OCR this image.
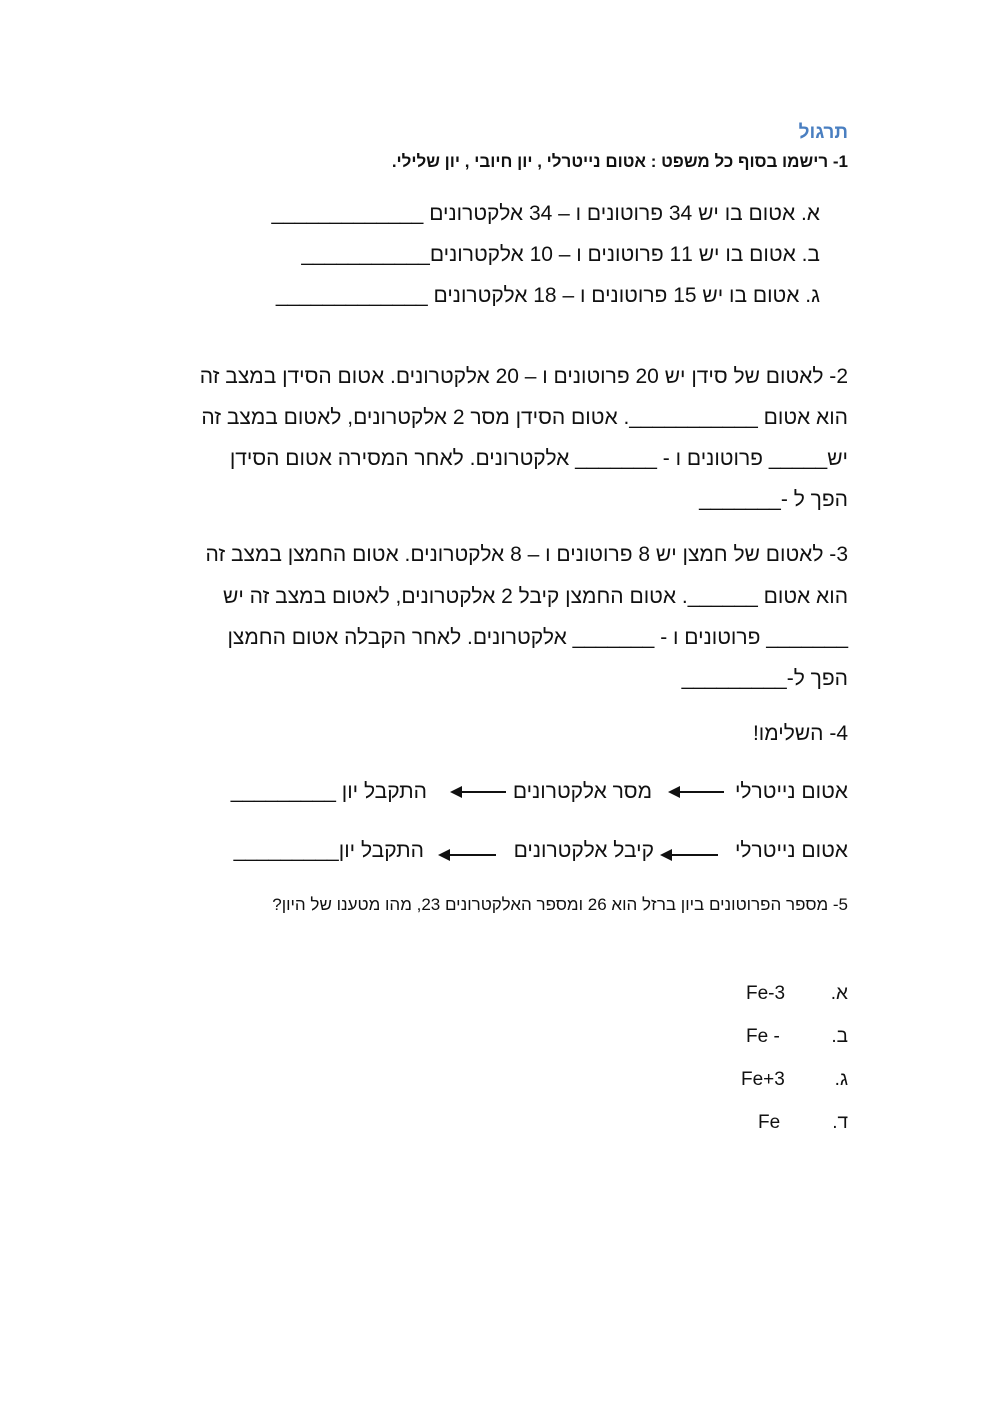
תרגול
1- רישמו בסוף כל משפט : אטום נייטרלי , יון חיובי , יון שלילי.
א. אטום בו יש 34 פרוטונים ו – 34 אלקטרונים _____________
ב. אטום בו יש 11 פרוטונים ו – 10 אלקטרונים___________
ג. אטום בו יש 15 פרוטונים ו – 18 אלקטרונים _____________
2- לאטום של סידן יש 20 פרוטונים ו – 20 אלקטרונים. אטום הסידן במצב זה
הוא אטום ___________. אטום הסידן מסר 2 אלקטרונים, לאטום במצב זה
יש_____ פרוטונים ו - _______ אלקטרונים. לאחר המסירה אטום הסידן
הפך ל -_______
3- לאטום של חמצן יש 8 פרוטונים ו – 8 אלקטרונים. אטום החמצן במצב זה
הוא אטום ______. אטום החמצן קיבל 2 אלקטרונים, לאטום במצב זה יש
_______ פרוטונים ו - _______ אלקטרונים. לאחר הקבלה אטום החמצן
הפך ל-_________
4- השלימו!
אטום נייטרלי
מסר אלקטרונים
התקבל יון _________
אטום נייטרלי
קיבל אלקטרונים
התקבל יון_________
5- מספר הפרוטונים ביון ברזל הוא 26 ומספר האלקטרונים 23, מהו מטענו של היון?
א.
Fe-3
ב.
Fe -
ג.
Fe+3
ד.
Fe
